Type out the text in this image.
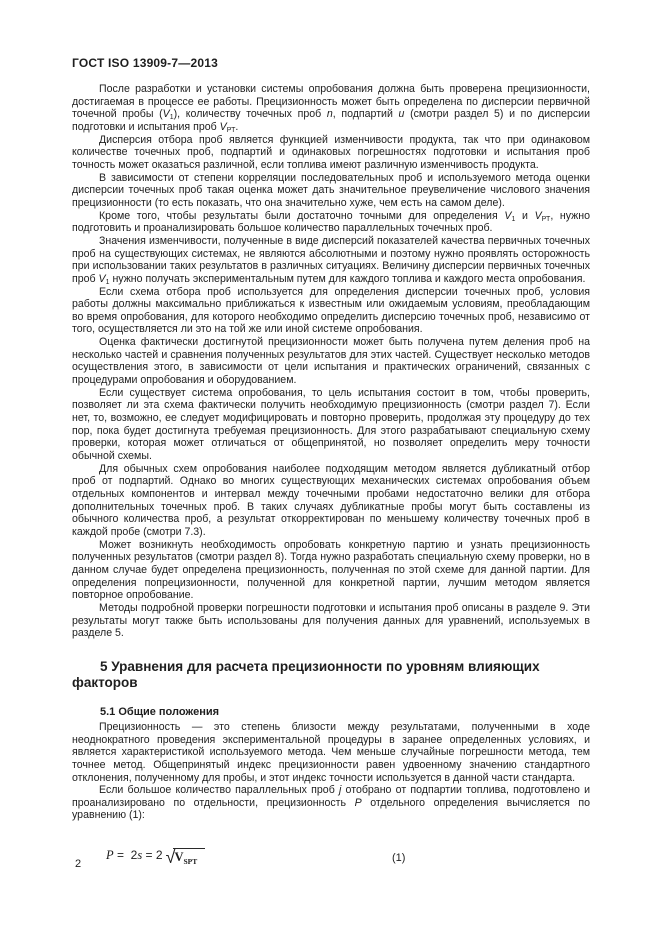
ГОСТ ISO 13909-7—2013

После разработки и установки системы опробования должна быть проверена прецизионности, достигаемая в процессе ее работы. Прецизионность может быть определена по дисперсии первичной точечной пробы $(V_1)$, количеству точечных проб n, подпартий u (смотри раздел 5) и по дисперсии подготовки и испытания проб $V_{РТ}$.

Дисперсия отбора проб является функцией изменчивости продукта, так что при одинаковом количестве точечных проб, подпартий и одинаковых погрешностях подготовки и испытания проб точность может оказаться различной, если топлива имеют различную изменчивость продукта.

В зависимости от степени корреляции последовательных проб и используемого метода оценки дисперсии точечных проб такая оценка может дать значительное преувеличение числового значения прецизионности (то есть показать, что она значительно хуже, чем есть на самом деле).

Кроме того, чтобы результаты были достаточно точными для определения $V_1$ и $V_{РТ}$, нужно подготовить и проанализировать большое количество параллельных точечных проб.

Значения изменчивости, полученные в виде дисперсий показателей качества первичных точечных проб на существующих системах, не являются абсолютными и поэтому нужно проявлять осторожность при использовании таких результатов в различных ситуациях. Величину дисперсии первичных точечных проб $V_1$ нужно получать экспериментальным путем для каждого топлива и каждого места опробования.

Если схема отбора проб используется для определения дисперсии точечных проб, условия работы должны максимально приближаться к известным или ожидаемым условиям, преобладающим во время опробования, для которого необходимо определить дисперсию точечных проб, независимо от того, осуществляется ли это на той же или иной системе опробования.

Оценка фактически достигнутой прецизионности может быть получена путем деления проб на несколько частей и сравнения полученных результатов для этих частей. Существует несколько методов осуществления этого, в зависимости от цели испытания и практических ограничений, связанных с процедурами опробования и оборудованием.

Если существует система опробования, то цель испытания состоит в том, чтобы проверить, позволяет ли эта схема фактически получить необходимую прецизионность (смотри раздел 7). Если нет, то, возможно, ее следует модифицировать и повторно проверить, продолжая эту процедуру до тех пор, пока будет достигнута требуемая прецизионность. Для этого разрабатывают специальную схему проверки, которая может отличаться от общепринятой, но позволяет определить меру точности обычной схемы.

Для обычных схем опробования наиболее подходящим методом является дубликатный отбор проб от подпартий. Однако во многих существующих механических системах опробования объем отдельных компонентов и интервал между точечными пробами недостаточно велики для отбора дополнительных точечных проб. В таких случаях дубликатные пробы могут быть составлены из обычного количества проб, а результат откорректирован по меньшему количеству точечных проб в каждой пробе (смотри 7.3).

Может возникнуть необходимость опробовать конкретную партию и узнать прецизионность полученных результатов (смотри раздел 8). Тогда нужно разработать специальную схему проверки, но в данном случае будет определена прецизионность, полученная по этой схеме для данной партии. Для определения попрецизионности, полученной для конкретной партии, лучшим методом является повторное опробование.

Методы подробной проверки погрешности подготовки и испытания проб описаны в разделе 9. Эти результаты могут также быть использованы для получения данных для уравнений, используемых в разделе 5.

5 Уравнения для расчета прецизионности по уровням влияющих факторов
5.1 Общие положения

Прецизионность — это степень близости между результатами, полученными в ходе неоднократного проведения экспериментальной процедуры в заранее определенных условиях, и является характеристикой используемого метода. Чем меньше случайные погрешности метода, тем точнее метод. Общепринятый индекс прецизионности равен удвоенному значению стандартного отклонения, полученному для пробы, и этот индекс точности используется в данной части стандарта.

Если большое количество параллельных проб j отобрано от подпартии топлива, подготовлено и проанализировано по отдельности, прецизионность P отдельного определения вычисляется по уравнению (1):

P =  2 s = 2 √ $V_{SPT}$	(1)
2
